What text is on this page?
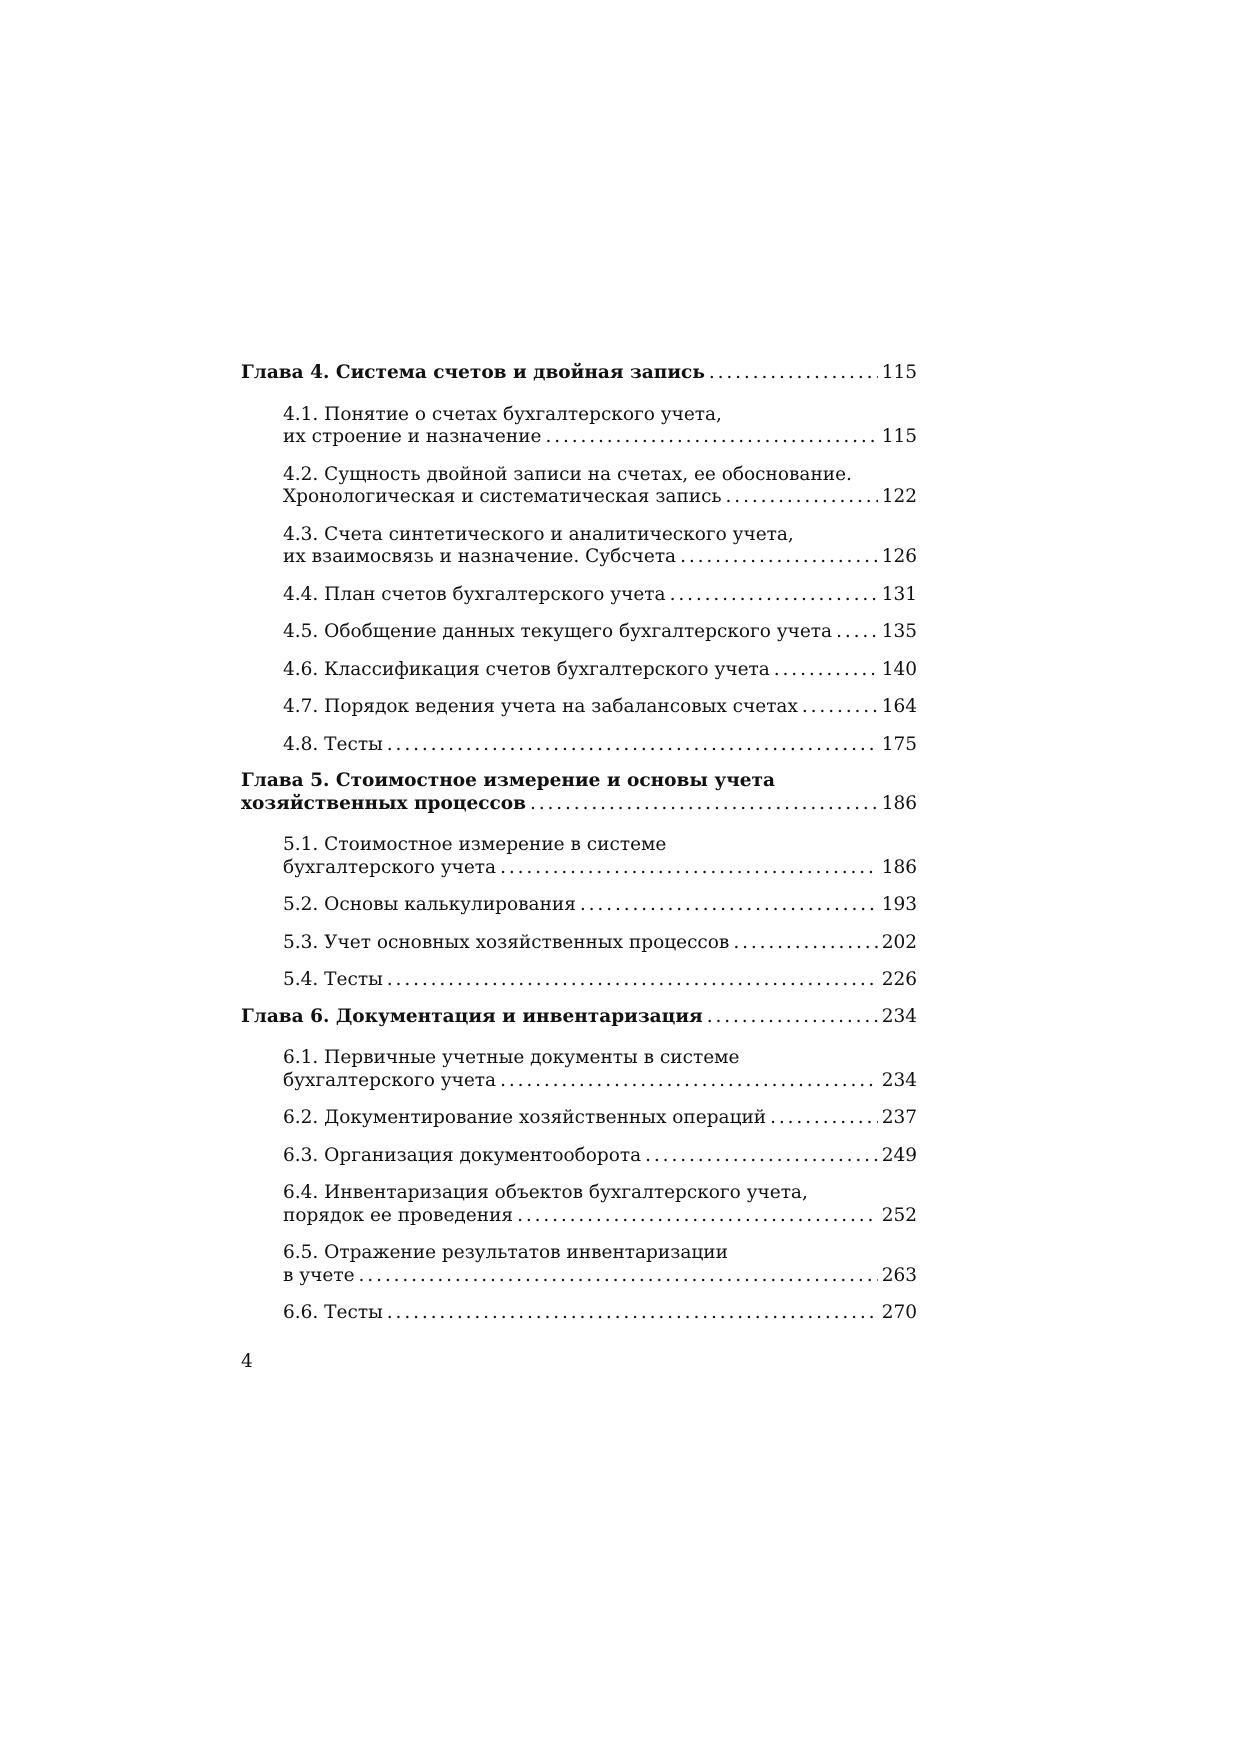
Глава 4. Система счетов и двойная запись . . .	115
4.1. Понятие о счетах бухгалтерского учета,
их строение и назначение . . .	115
4.2. Сущность двойной записи на счетах, ее обоснование.
Хронологическая и систематическая запись . . .	122
4.3. Счета синтетического и аналитического учета,
их взаимосвязь и назначение. Субсчета . . .	126
4.4. План счетов бухгалтерского учета . . .	131
4.5. Обобщение данных текущего бухгалтерского учета . . .	135
4.6. Классификация счетов бухгалтерского учета . . .	140
4.7. Порядок ведения учета на забалансовых счетах . . .	164
4.8. Тесты . . .	175
Глава 5. Стоимостное измерение и основы учета
хозяйственных процессов . . .	186
5.1. Стоимостное измерение в системе
бухгалтерского учета . . .	186
5.2. Основы калькулирования . . .	193
5.3. Учет основных хозяйственных процессов . . .	202
5.4. Тесты . . .	226
Глава 6. Документация и инвентаризация . . .	234
6.1. Первичные учетные документы в системе
бухгалтерского учета . . .	234
6.2. Документирование хозяйственных операций . . .	237
6.3. Организация документооборота . . .	249
6.4. Инвентаризация объектов бухгалтерского учета,
порядок ее проведения . . .	252
6.5. Отражение результатов инвентаризации
в учете . . .	263
6.6. Тесты . . .	270
4
